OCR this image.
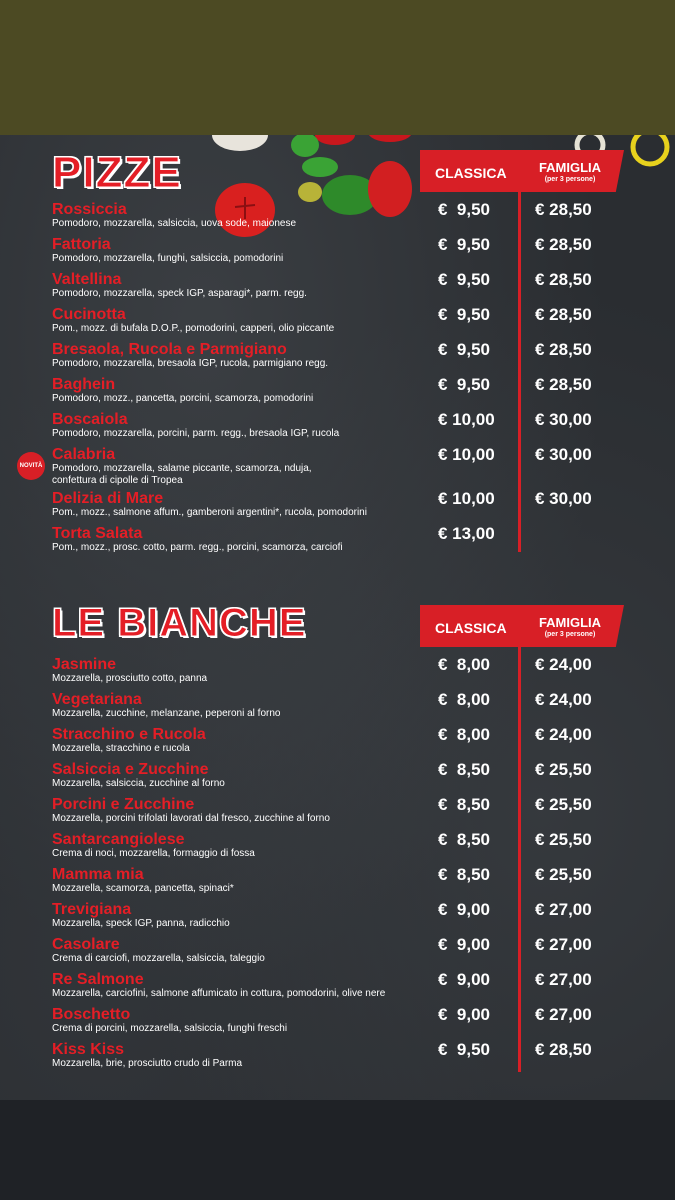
PIZZE	CLASSICA	FAMIGLIA
(per 3 persone)
Rossiccia
Pomodoro, mozzarella, salsiccia, uova sode, maionese
€  9,50	€ 28,50
Fattoria
Pomodoro, mozzarella, funghi, salsiccia, pomodorini
€  9,50	€ 28,50
Valtellina
Pomodoro, mozzarella, speck IGP, asparagi*, parm. regg.
€  9,50	€ 28,50
Cucinotta
Pom., mozz. di bufala D.O.P., pomodorini, capperi, olio piccante
€  9,50	€ 28,50
Bresaola, Rucola e Parmigiano
Pomodoro, mozzarella, bresaola IGP, rucola, parmigiano regg.
€  9,50	€ 28,50
Baghein
Pomodoro, mozz., pancetta, porcini, scamorza, pomodorini
€  9,50	€ 28,50
Boscaiola
Pomodoro, mozzarella, porcini, parm. regg., bresaola IGP, rucola
€ 10,00 € 30,00
NOVITÀ
Calabria
Pomodoro, mozzarella, salame piccante, scamorza, nduja, confettura di cipolle di Tropea
€ 10,00 € 30,00
Delizia di Mare
Pom., mozz., salmone affum., gamberoni argentini*, rucola, pomodorini
€ 10,00 € 30,00
Torta Salata
Pom., mozz., prosc. cotto, parm. regg., porcini, scamorza, carciofi
€ 13,00
LE BIANCHE	CLASSICA	FAMIGLIA
(per 3 persone)
Jasmine
Mozzarella, prosciutto cotto, panna
€  8,00	€ 24,00
Vegetariana
Mozzarella, zucchine, melanzane, peperoni al forno
€  8,00	€ 24,00
Stracchino e Rucola
Mozzarella, stracchino e rucola
€  8,00	€ 24,00
Salsiccia e Zucchine
Mozzarella, salsiccia, zucchine al forno
€  8,50	€ 25,50
Porcini e Zucchine
Mozzarella, porcini trifolati lavorati dal fresco, zucchine al forno
€  8,50	€ 25,50
Santarcangiolese
Crema di noci, mozzarella, formaggio di fossa
€  8,50	€ 25,50
Mamma mia
Mozzarella, scamorza, pancetta, spinaci*
€  8,50	€ 25,50
Trevigiana
Mozzarella, speck IGP, panna, radicchio
€  9,00	€ 27,00
Casolare
Crema di carciofi, mozzarella, salsiccia, taleggio
€  9,00	€ 27,00
Re Salmone
Mozzarella, carciofini, salmone affumicato in cottura, pomodorini, olive nere
€  9,00	€ 27,00
Boschetto
Crema di porcini, mozzarella, salsiccia, funghi freschi
€  9,00	€ 27,00
Kiss Kiss
Mozzarella, brie, prosciutto crudo di Parma
€  9,50	€ 28,50
